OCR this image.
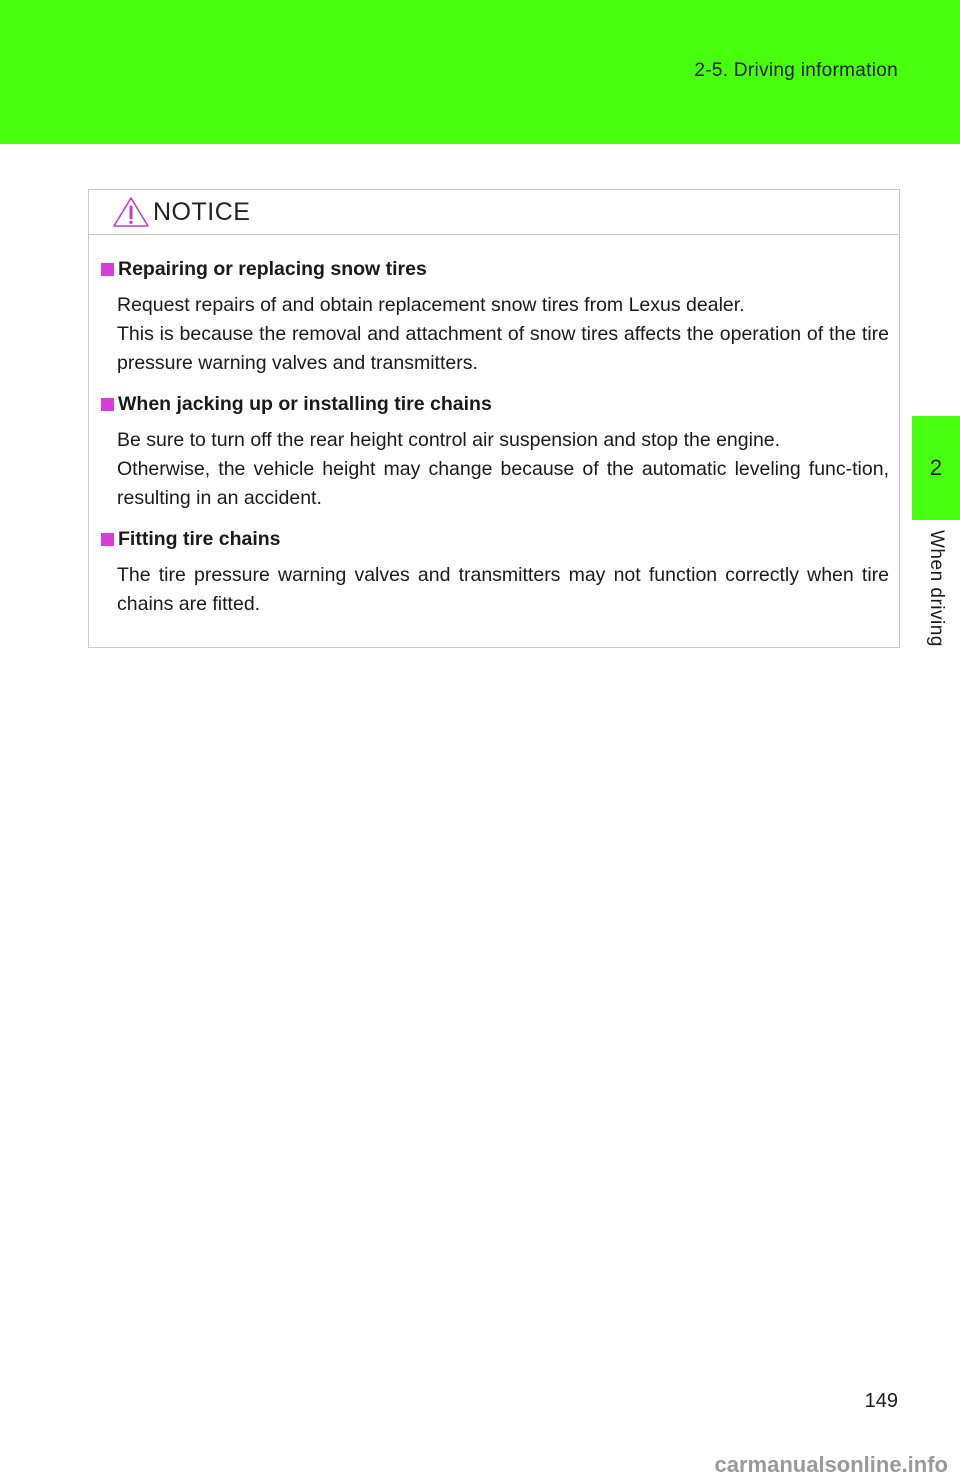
2-5. Driving information
2
When driving
NOTICE
Repairing or replacing snow tires

Request repairs of and obtain replacement snow tires from Lexus dealer.

This is because the removal and attachment of snow tires affects the operation of the tire pressure warning valves and transmitters.

When jacking up or installing tire chains

Be sure to turn off the rear height control air suspension and stop the engine.

Otherwise, the vehicle height may change because of the automatic leveling func-tion, resulting in an accident.

Fitting tire chains

The tire pressure warning valves and transmitters may not function correctly when tire chains are fitted.

149
carmanualsonline.info
